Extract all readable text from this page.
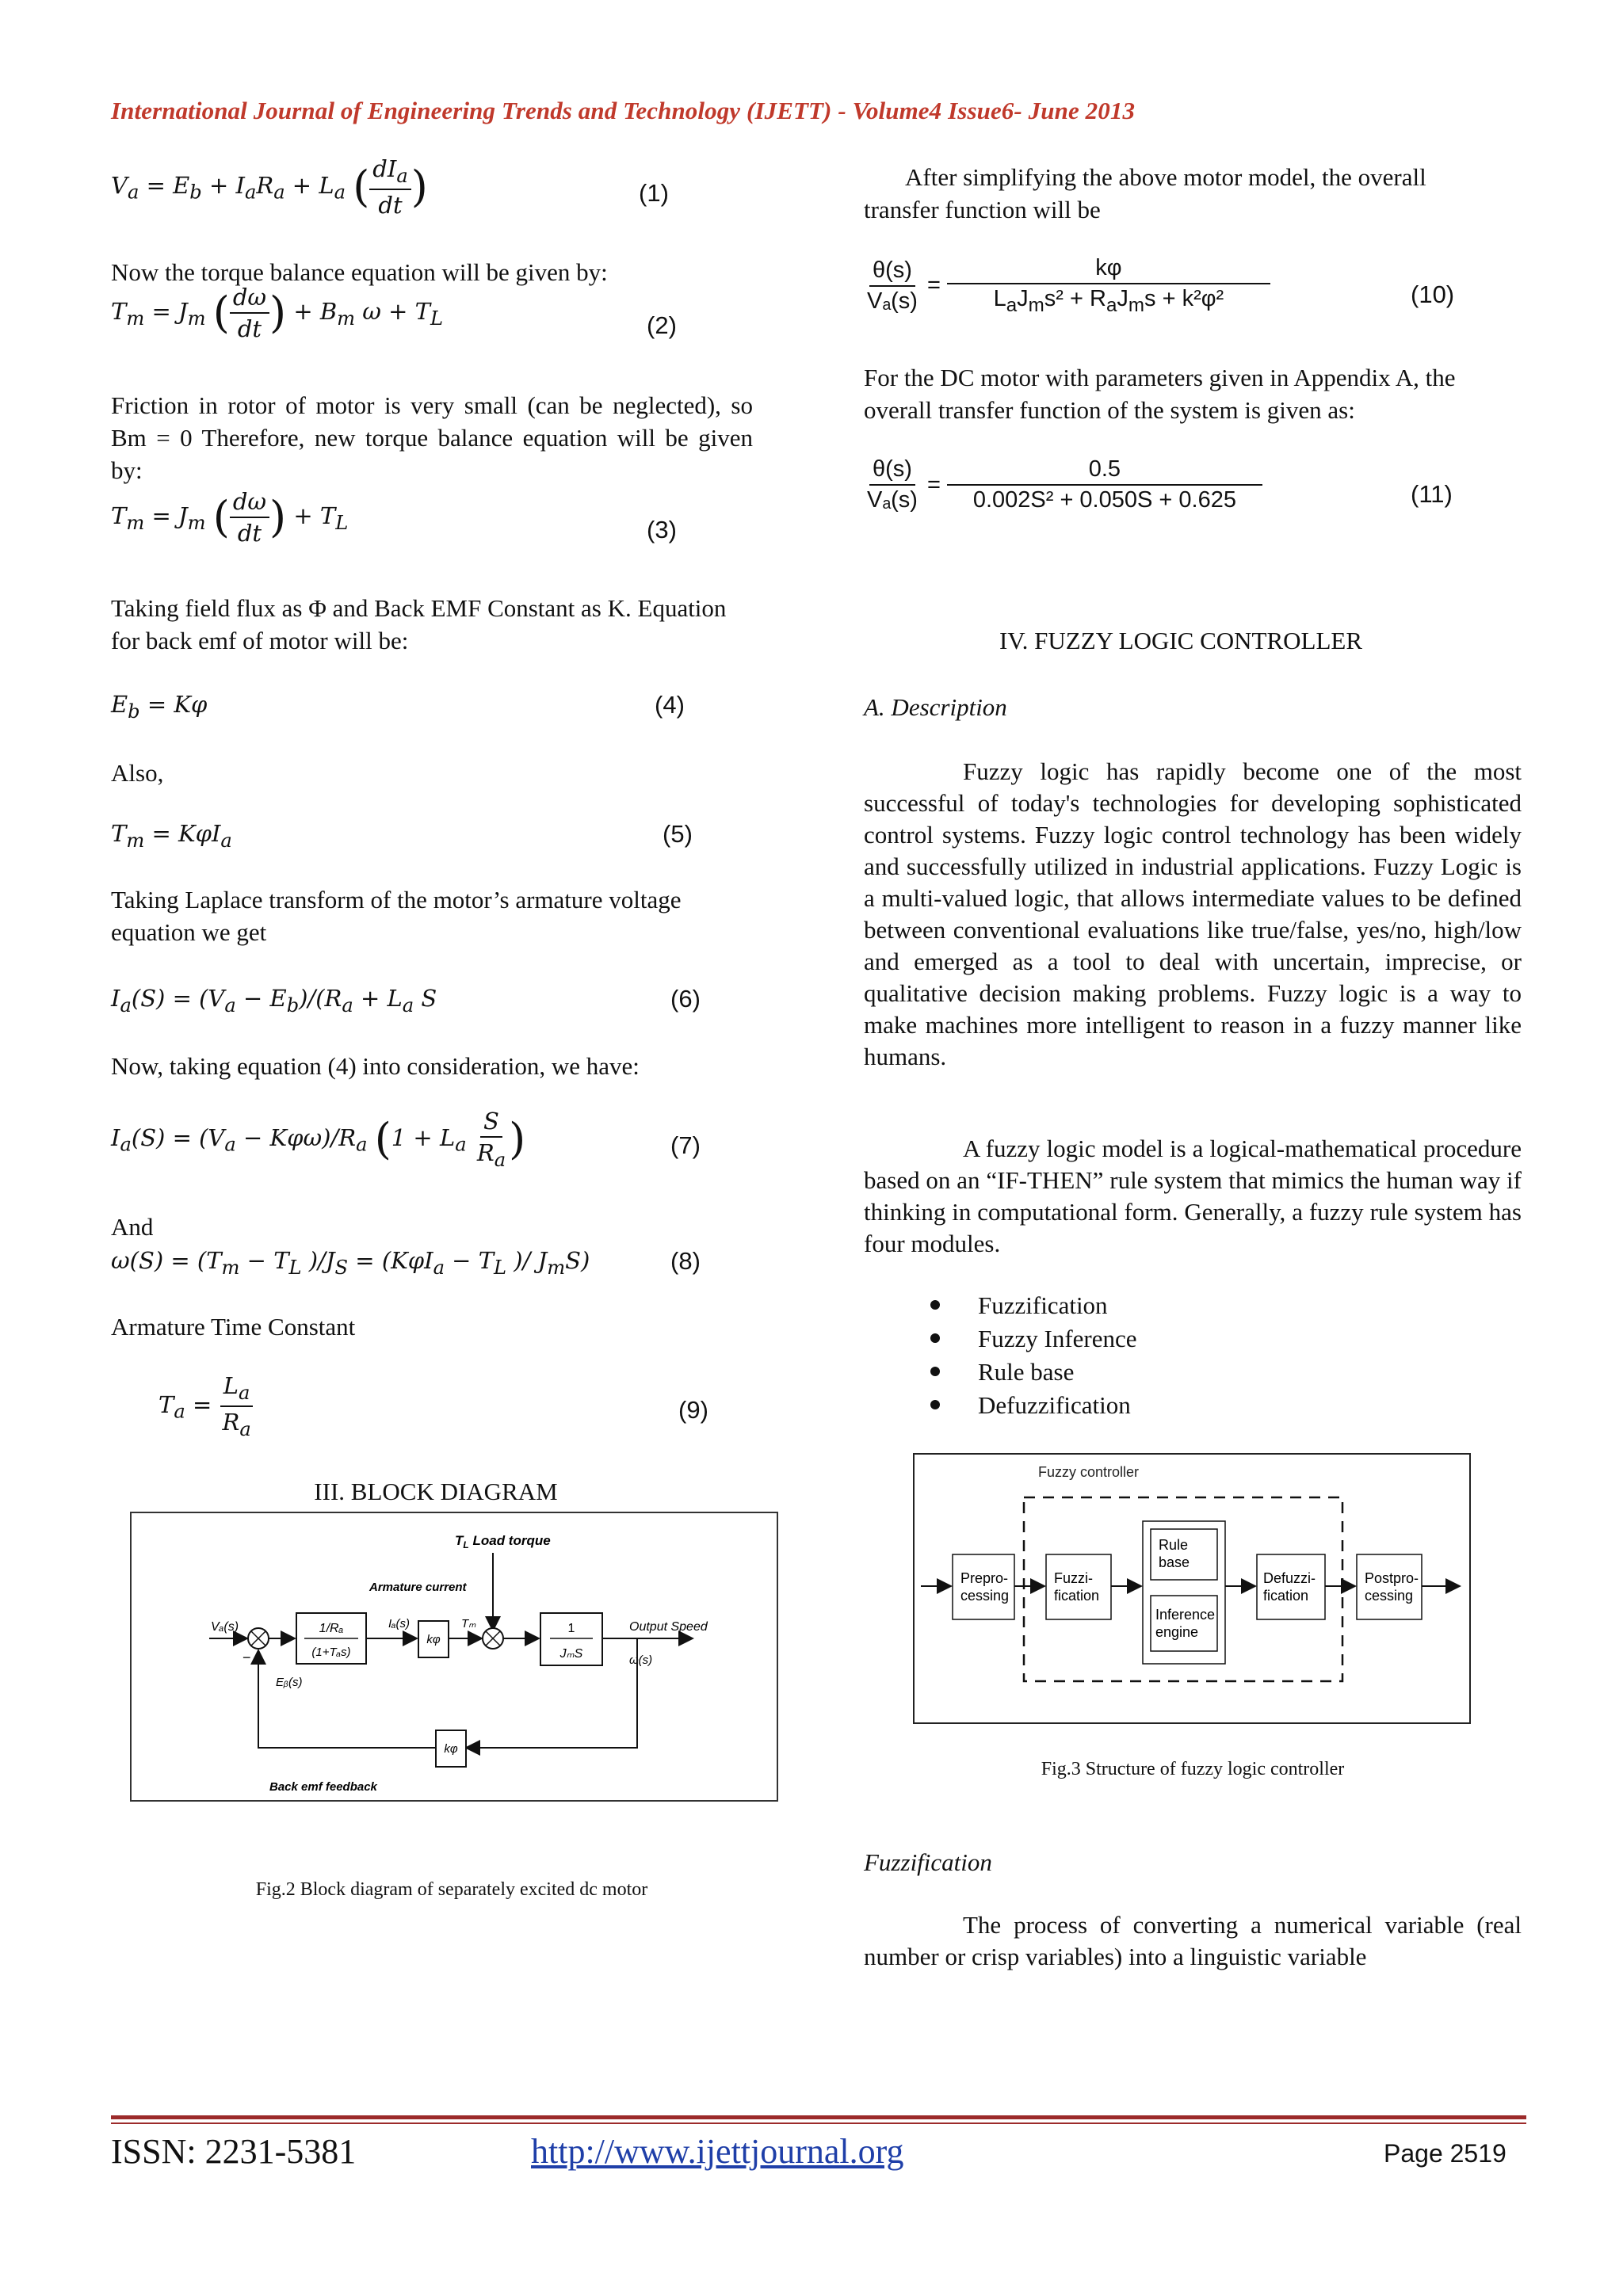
International Journal of Engineering Trends and Technology (IJETT) - Volume4 Issue6- June 2013
$V_a = E_b + I_aR_a + L_a$ ( $\frac{dI_a}{dt}$ )	(1)
Now the torque balance equation will be given by:
$T_m = J_m$ ( $\frac{d\omega}{dt}$ ) + $B_m$ $\omega + T_L$	(2)
Friction in rotor of motor is very small (can be neglected), so Bm = 0 Therefore, new torque balance equation will be given by:
$T_m = J_m$ ( $\frac{d\omega}{dt}$ ) + $T_L$	(3)
Taking field flux as Φ and Back EMF Constant as K. Equation for back emf of motor will be:
$E_b = K\varphi$	(4)
Also,
$T_m = K\varphi I_a$	(5)
Taking Laplace transform of the motor’s armature voltage equation we get
$I_a(S) = (V_a - E_b)/(R_a + L_a$ S	(6)
Now, taking equation (4) into consideration, we have:
$I_a(S) = (V_a - K\varphi\omega)/R_a$ ($1 + L_a \frac{S}{R_a}$ )	(7)
And
$\omega(S) = (T_m - T_L$ )$/J_S = (K\varphi I_a - T_L$ )/ $J_mS$)	(8)
Armature Time Constant
$T_a = \frac{L_a}{R_a}$	(9)
III. BLOCK DIAGRAM
$T_L$ Load torque
Armature current
Vₐ(s)	1/Rₐ
(1+Tₐs)
Iₐ(s)
kφ
Tₘ	1
JₘS
Output Speed
ω(s)
kφ
Eᵦ(s)
−
Back emf feedback
Fig.2 Block diagram of separately excited dc motor
After simplifying the above motor model, the overall transfer function will be
$\frac{\theta(s)}{\text{Vₐ(s)}} = \frac{k\varphi}{L_aJ_ms^2 + R_aJ_ms + k^2\varphi^2}$	(10)
For the DC motor with parameters given in Appendix A, the overall transfer function of the system is given as:
$\frac{\theta(s)}{\text{Vₐ(s)}} = \frac{0.5}{\text{0.002S² + 0.050S + 0.625}}$	(11)
IV. FUZZY LOGIC CONTROLLER
A. Description
Fuzzy logic has rapidly become one of the most successful of today's technologies for developing sophisticated control systems. Fuzzy logic control technology has been widely and successfully utilized in industrial applications. Fuzzy Logic is a multi-valued logic, that allows intermediate values to be defined between conventional evaluations like true/false, yes/no, high/low and emerged as a tool to deal with uncertain, imprecise, or qualitative decision making problems. Fuzzy logic is a way to make machines more intelligent to reason in a fuzzy manner like humans.
A fuzzy logic model is a logical-mathematical procedure based on an “IF-THEN” rule system that mimics the human way if thinking in computational form. Generally, a fuzzy rule system has four modules.
Fuzzification
Fuzzy Inference
Rule base
Defuzzification
Fuzzy controller
Prepro-
cessing
Fuzzi-
fication
Rule
base
Inference
engine
Defuzzi-
fication
Postpro-
cessing
Fig.3 Structure of fuzzy logic controller
Fuzzification
The process of converting a numerical variable (real number or crisp variables) into a linguistic variable
ISSN: 2231-5381	http://www.ijettjournal.org	Page 2519
